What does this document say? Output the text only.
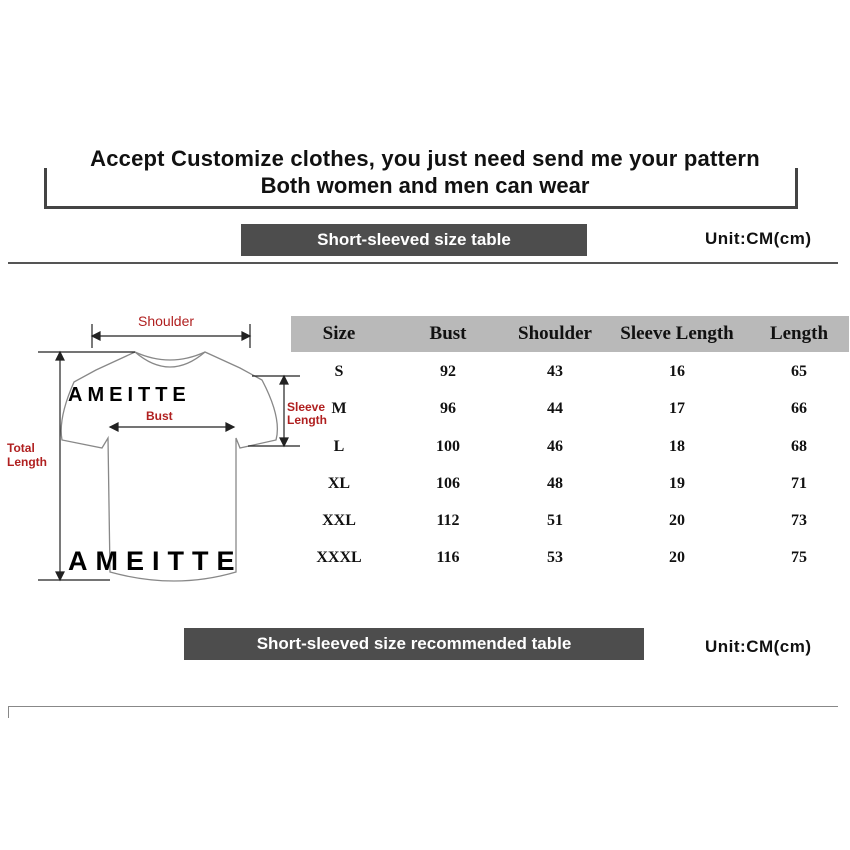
Accept Customize clothes, you just need send me your pattern
Both women and men can wear
Short-sleeved size table	Unit:CM(cm)
Shoulder
Bust
Sleeve
Length
Total
Length
AMEITTE
AMEITTE
Size	Bust	Shoulder	Sleeve Length	Length
S	92	43	16	65
M	96	44	17	66
L	100	46	18	68
XL	106	48	19	71
XXL	112	51	20	73
XXXL	116	53	20	75
Short-sleeved size recommended table	Unit:CM(cm)
